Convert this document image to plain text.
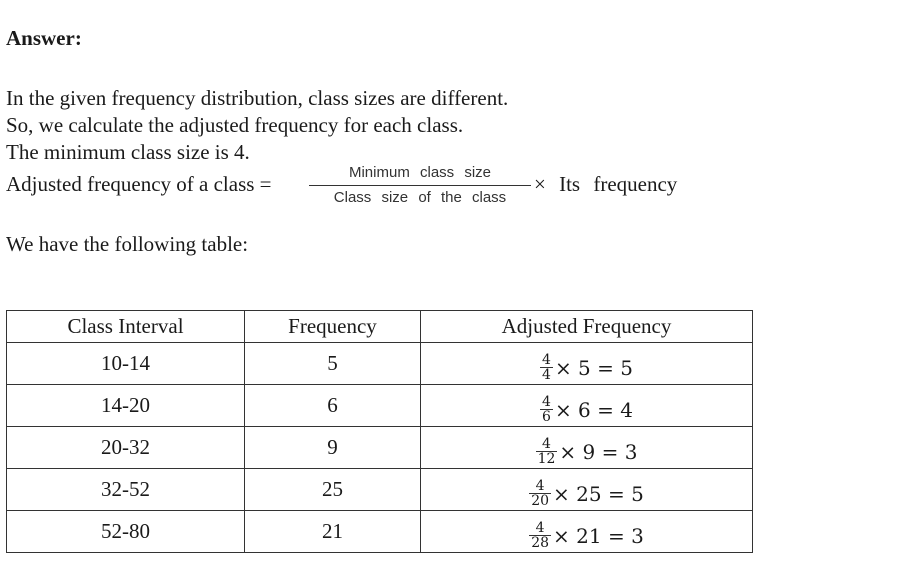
Answer:
In the given frequency distribution, class sizes are different.
So, we calculate the adjusted frequency for each class.
The minimum class size is 4.
Adjusted frequency of a class =	Minimum class size
Class size of the class
× Its frequency
We have the following table:
Class Interval	Frequency	Adjusted Frequency
10-14	5	$\frac{4}{4} \times 5 = 5$

14-20	6	$\frac{4}{6} \times 6 = 4$

20-32	9	$\frac{4}{12} \times 9 = 3$

32-52	25	$\frac{4}{20} \times 25 = 5$

52-80	21	$\frac{4}{28} \times 21 = 3$
